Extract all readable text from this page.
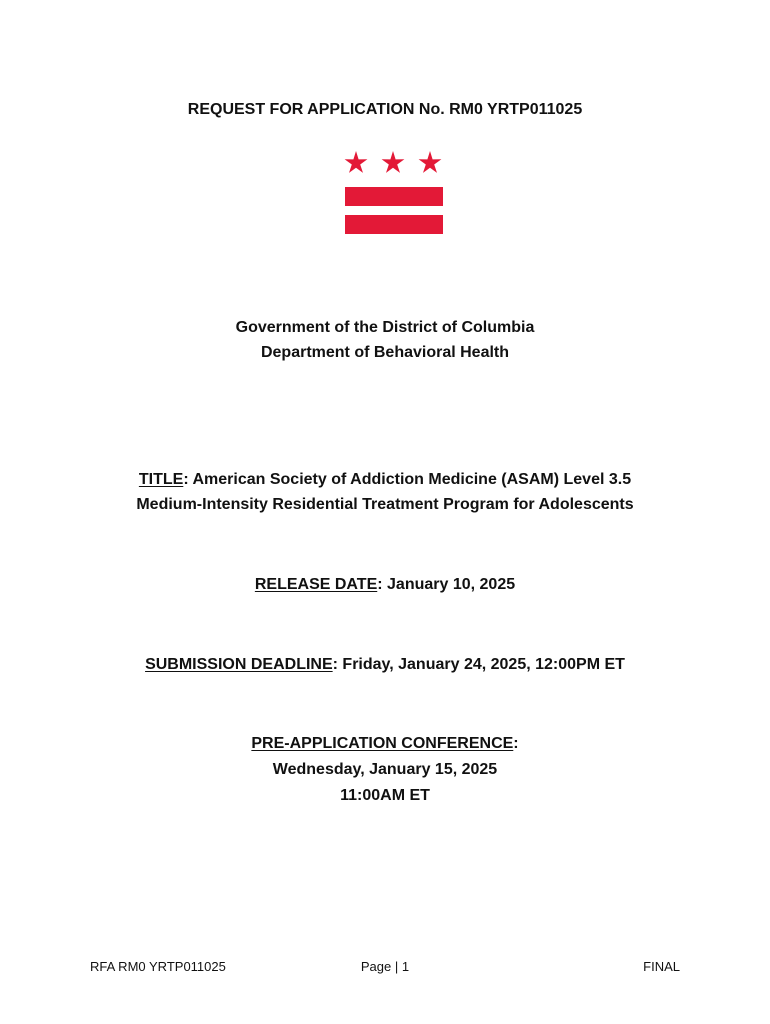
REQUEST FOR APPLICATION No. RM0 YRTP011025
Government of the District of Columbia
Department of Behavioral Health
TITLE: American Society of Addiction Medicine (ASAM) Level 3.5
Medium-Intensity Residential Treatment Program for Adolescents
RELEASE DATE: January 10, 2025
SUBMISSION DEADLINE: Friday, January 24, 2025, 12:00PM ET
PRE-APPLICATION CONFERENCE:
Wednesday, January 15, 2025
11:00AM ET
RFA RM0 YRTP011025	Page | 1	FINAL
